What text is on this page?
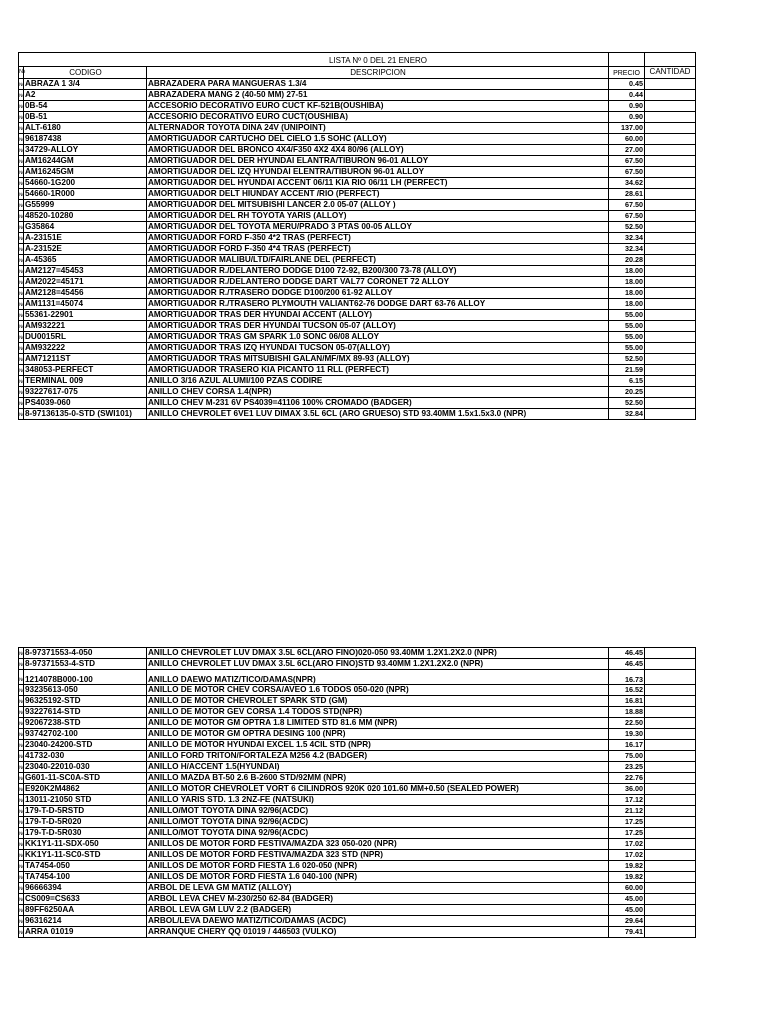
LISTA Nº 0 DEL 21 ENERO
№	CODIGO	DESCRIPCION	PRECIO	CANTIDAD
№ ABRAZA 1 3/4	ABRAZADERA PARA MANGUERAS 1.3/4	0.45
№ A2	ABRAZADERA MANG 2 (40-50 MM) 27-51	0.44
№ 0B-54	ACCESORIO DECORATIVO EURO CUCT KF-521B(OUSHIBA)	0.90
№ 0B-51	ACCESORIO DECORATIVO EURO CUCT(OUSHIBA)	0.90
№ ALT-6180	ALTERNADOR TOYOTA DINA 24V (UNIPOINT)	137.00
№ 96187438	AMORTIGUADOR CARTUCHO DEL CIELO 1.5 SOHC (ALLOY)	60.00
№ 34729-ALLOY	AMORTIGUADOR DEL BRONCO 4X4/F350 4X2 4X4 80/96 (ALLOY)	27.00
№ AM16244GM	AMORTIGUADOR DEL DER HYUNDAI ELANTRA/TIBURON 96-01 ALLOY	67.50
№ AM16245GM	AMORTIGUADOR DEL IZQ HYUNDAI ELENTRA/TIBURON 96-01 ALLOY	67.50
№ 54660-1G200	AMORTIGUADOR DEL HYUNDAI ACCENT 06/11 KIA RIO 06/11 LH (PERFECT)	34.62
№ 54660-1R000	AMORTIGUADOR DELT HIUNDAY ACCENT /RIO (PERFECT)	28.61
№ G55999	AMORTIGUADOR DEL MITSUBISHI LANCER 2.0 05-07 (ALLOY )	67.50
№ 48520-10280	AMORTIGUADOR DEL RH TOYOTA YARIS (ALLOY)	67.50
№ G35864	AMORTIGUADOR DEL TOYOTA MERU/PRADO 3 PTAS 00-05 ALLOY	52.50
№ A-23151E	AMORTIGUADOR FORD F-350 4*2 TRAS (PERFECT)	32.34
№ A-23152E	AMORTIGUADOR FORD F-350 4*4 TRAS (PERFECT)	32.34
№ A-45365	AMORTIGUADOR MALIBU/LTD/FAIRLANE DEL (PERFECT)	20.28
№ AM2127=45453	AMORTIGUADOR R./DELANTERO DODGE D100 72-92, B200/300 73-78 (ALLOY)	18.00
№ AM2022=45171	AMORTIGUADOR R./DELANTERO DODGE DART VAL77 CORONET 72 ALLOY	18.00
№ AM2128=45456	AMORTIGUADOR R./TRASERO DODGE D100/200 61-92 ALLOY	18.00
№ AM1131=45074	AMORTIGUADOR R./TRASERO PLYMOUTH VALIANT62-76 DODGE DART 63-76 ALLOY	18.00
№ 55361-22901	AMORTIGUADOR TRAS DER HYUNDAI ACCENT (ALLOY)	55.00
№ AM932221	AMORTIGUADOR TRAS DER HYUNDAI TUCSON 05-07 (ALLOY)	55.00
№ DU0015RL	AMORTIGUADOR TRAS GM SPARK 1.0 SONC 06/08 ALLOY	55.00
№ AM932222	AMORTIGUADOR TRAS IZQ HYUNDAI TUCSON 05-07(ALLOY)	55.00
№ AM71211ST	AMORTIGUADOR TRAS MITSUBISHI GALAN/MF/MX 89-93 (ALLOY)	52.50
№ 348053-PERFECT	AMORTIGUADOR TRASERO KIA PICANTO 11 RLL (PERFECT)	21.59
№ TERMINAL 009	ANILLO 3/16 AZUL ALUMI/100 PZAS CODIRE	6.15
№ 93227617-075	ANILLO CHEV CORSA 1.4(NPR)	20.25
№ PS4039-060	ANILLO CHEV M-231 6V PS4039=41106 100% CROMADO (BADGER)	52.50
№ 8-97136135-0-STD (SWI101)	ANILLO CHEVROLET 6VE1 LUV DIMAX 3.5L 6CL (ARO GRUESO) STD 93.40MM 1.5x1.5x3.0 (NPR)	32.84
№ 8-97371553-4-050	ANILLO CHEVROLET LUV DMAX 3.5L 6CL(ARO FINO)020-050 93.40MM 1.2X1.2X2.0 (NPR)	46.45
№ 8-97371553-4-STD	ANILLO CHEVROLET LUV DMAX 3.5L 6CL(ARO FINO)STD 93.40MM 1.2X1.2X2.0 (NPR)	46.45
№ 1214078B000-100	ANILLO DAEWO MATIZ/TICO/DAMAS(NPR)	16.73
№ 93235613-050	ANILLO DE MOTOR CHEV CORSA/AVEO 1.6 TODOS 050-020 (NPR)	16.52
№ 96325192-STD	ANILLO DE MOTOR CHEVROLET SPARK STD (GM)	16.81
№ 93227614-STD	ANILLO DE MOTOR GEV CORSA 1.4 TODOS STD(NPR)	18.88
№ 92067238-STD	ANILLO DE MOTOR GM OPTRA 1.8 LIMITED STD 81.6 MM (NPR)	22.50
№ 93742702-100	ANILLO DE MOTOR GM OPTRA DESING 100 (NPR)	19.30
№ 23040-24200-STD	ANILLO DE MOTOR HYUNDAI EXCEL 1.5 4CIL STD (NPR)	16.17
№ 41732-030	ANILLO FORD TRITON/FORTALEZA M256 4.2 (BADGER)	75.00
№ 23040-22010-030	ANILLO H/ACCENT 1.5(HYUNDAI)	23.25
№ G601-11-SC0A-STD	ANILLO MAZDA BT-50 2.6 B-2600 STD/92MM (NPR)	22.76
№ E920K2M4862	ANILLO MOTOR CHEVROLET VORT 6 CILINDROS 920K 020 101.60 MM+0.50 (SEALED POWER)	36.00
№ 13011-21050 STD	ANILLO YARIS STD. 1.3 2NZ-FE (NATSUKI)	17.12
№ 179-T-D-5RSTD	ANILLO/MOT TOYOTA DINA 92/96(ACDC)	21.12
№ 179-T-D-5R020	ANILLO/MOT TOYOTA DINA 92/96(ACDC)	17.25
№ 179-T-D-5R030	ANILLO/MOT TOYOTA DINA 92/96(ACDC)	17.25
№ KK1Y1-11-SDX-050	ANILLOS DE MOTOR FORD FESTIVA/MAZDA 323 050-020 (NPR)	17.02
№ KK1Y1-11-SC0-STD	ANILLOS DE MOTOR FORD FESTIVA/MAZDA 323 STD (NPR)	17.02
№ TA7454-050	ANILLOS DE MOTOR FORD FIESTA 1.6 020-050 (NPR)	19.82
№ TA7454-100	ANILLOS DE MOTOR FORD FIESTA 1.6 040-100 (NPR)	19.82
№ 96666394	ARBOL DE LEVA GM MATIZ (ALLOY)	60.00
№ CS009=CS633	ARBOL LEVA CHEV M-230/250 62-84 (BADGER)	45.00
№ 89FF6250AA	ARBOL LEVA GM LUV 2.2 (BADGER)	45.00
№ 96316214	ARBOL/LEVA DAEWO MATIZ/TICO/DAMAS (ACDC)	29.64
№ ARRA 01019	ARRANQUE CHERY QQ 01019 / 446503 (VULKO)	79.41
